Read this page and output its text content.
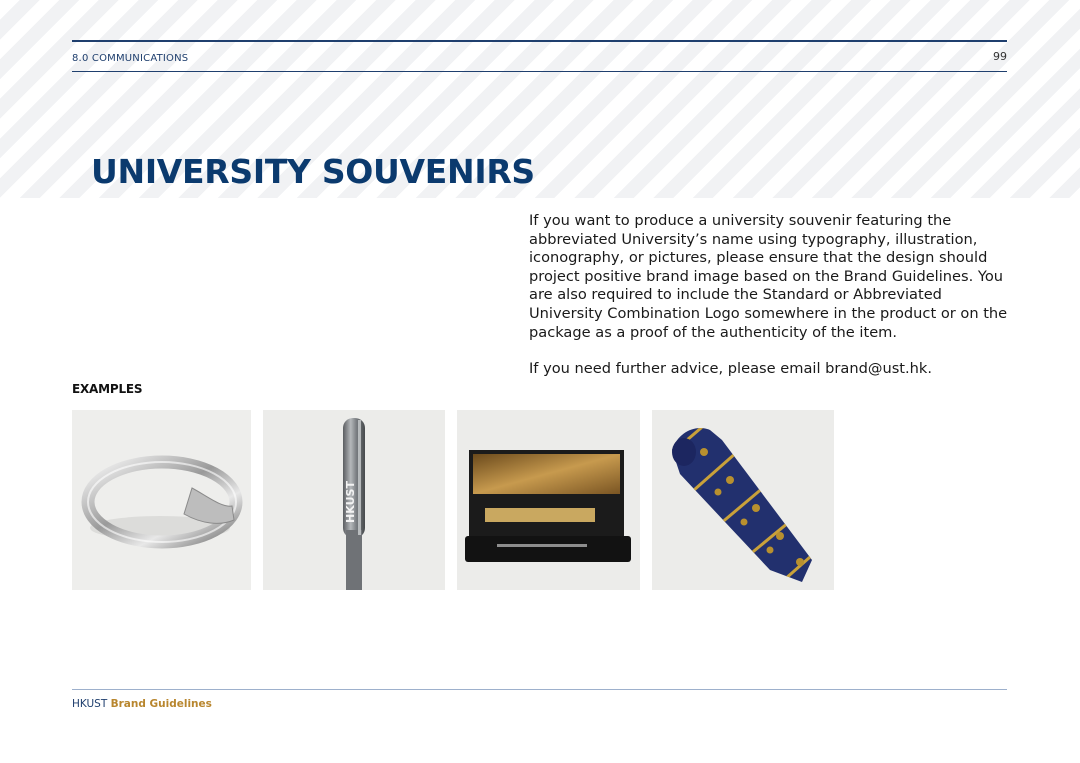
8.0 COMMUNICATIONS	99
UNIVERSITY SOUVENIRS

If you want to produce a university souvenir featuring the abbreviated University’s name using typography, illustration, iconography, or pictures, please ensure that the design should project positive brand image based on the Brand Guidelines. You are also required to include the Standard or Abbreviated University Combination Logo somewhere in the product or on the package as a proof of the authenticity of the item.

If you need further advice, please email brand@ust.hk.

EXAMPLES
HKUST
HKUST Brand Guidelines
